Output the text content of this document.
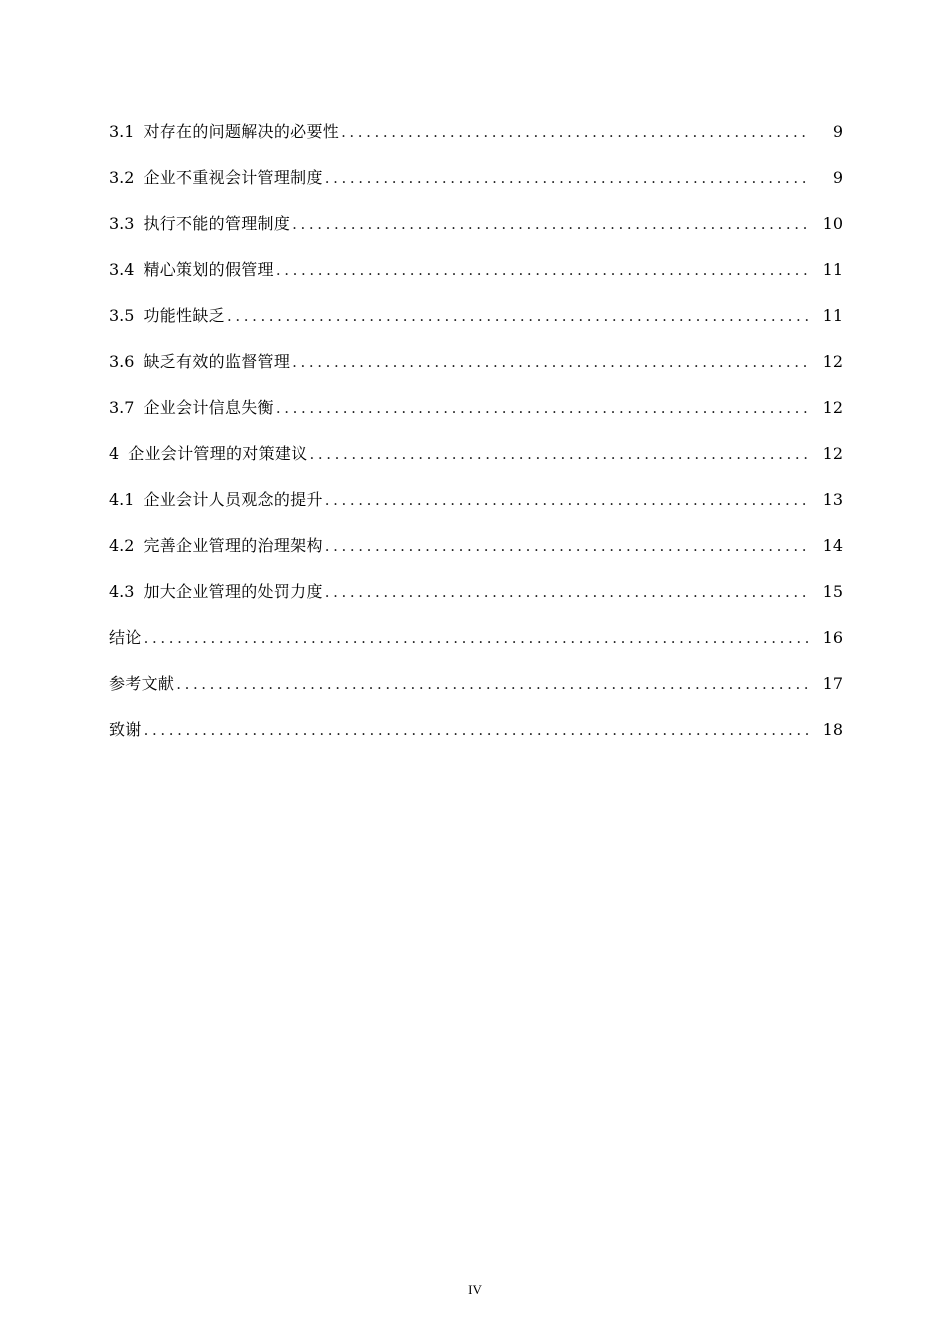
3.1 对存在的问题解决的必要性 .....	9
3.2 企业不重视会计管理制度 .....	9
3.3 执行不能的管理制度 .....	10
3.4 精心策划的假管理 .....	11
3.5 功能性缺乏 .....	11
3.6 缺乏有效的监督管理 .....	12
3.7 企业会计信息失衡 .....	12
4 企业会计管理的对策建议 .....	12
4.1 企业会计人员观念的提升 .....	13
4.2 完善企业管理的治理架构 .....	14
4.3 加大企业管理的处罚力度 .....	15
结论 .....	16
参考文献 .....	17
致谢 .....	18
IV
